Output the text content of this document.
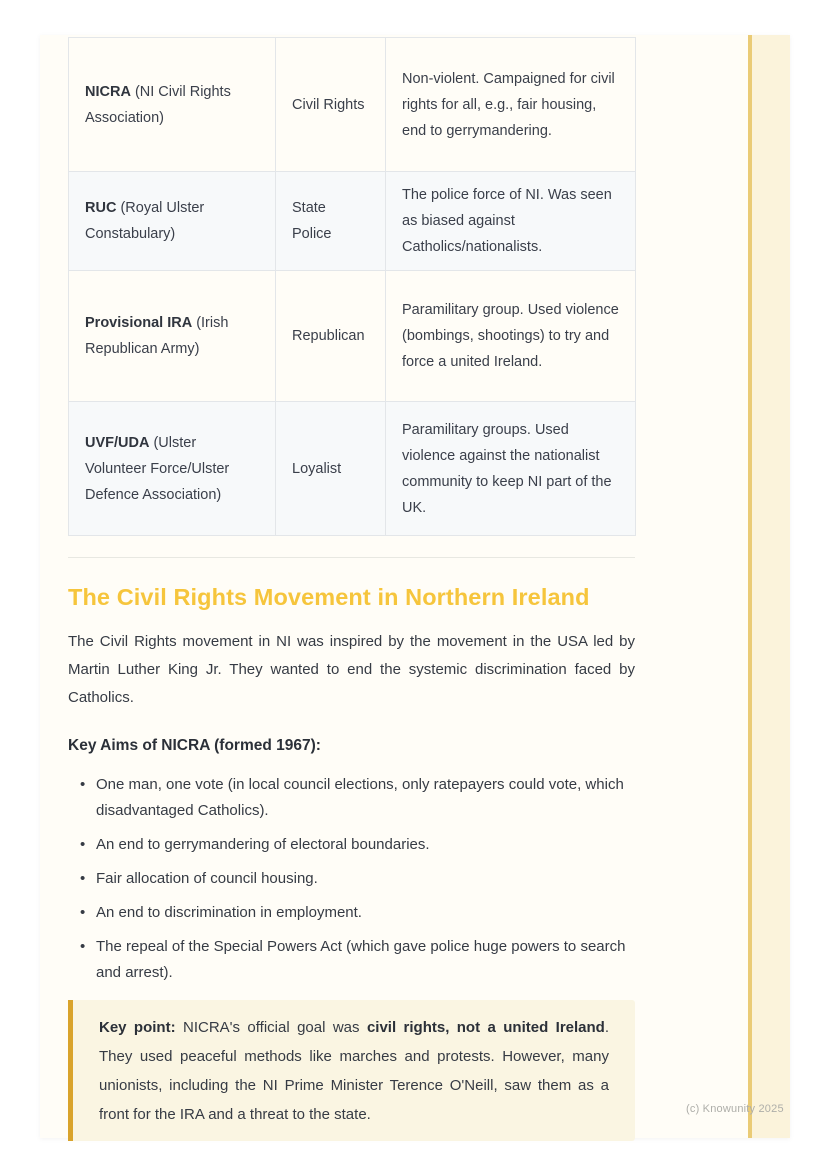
NICRA (NI Civil Rights Association)	Civil Rights	Non-violent. Campaigned for civil rights for all, e.g., fair housing, end to gerrymandering.
RUC (Royal Ulster Constabulary)	State Police	The police force of NI. Was seen as biased against Catholics/nationalists.
Provisional IRA (Irish Republican Army)	Republican	Paramilitary group. Used violence (bombings, shootings) to try and force a united Ireland.
UVF/UDA (Ulster Volunteer Force/Ulster Defence Association)	Loyalist	Paramilitary groups. Used violence against the nationalist community to keep NI part of the UK.
The Civil Rights Movement in Northern Ireland

The Civil Rights movement in NI was inspired by the movement in the USA led by Martin Luther King Jr. They wanted to end the systemic discrimination faced by Catholics.

Key Aims of NICRA (formed 1967):
• One man, one vote (in local council elections, only ratepayers could vote, which disadvantaged Catholics).
• An end to gerrymandering of electoral boundaries.
• Fair allocation of council housing.
• An end to discrimination in employment.
• The repeal of the Special Powers Act (which gave police huge powers to search and arrest).

Key point: NICRA's official goal was civil rights, not a united Ireland. They used peaceful methods like marches and protests. However, many unionists, including the NI Prime Minister Terence O'Neill, saw them as a front for the IRA and a threat to the state.	(c) Knowunity 2025
